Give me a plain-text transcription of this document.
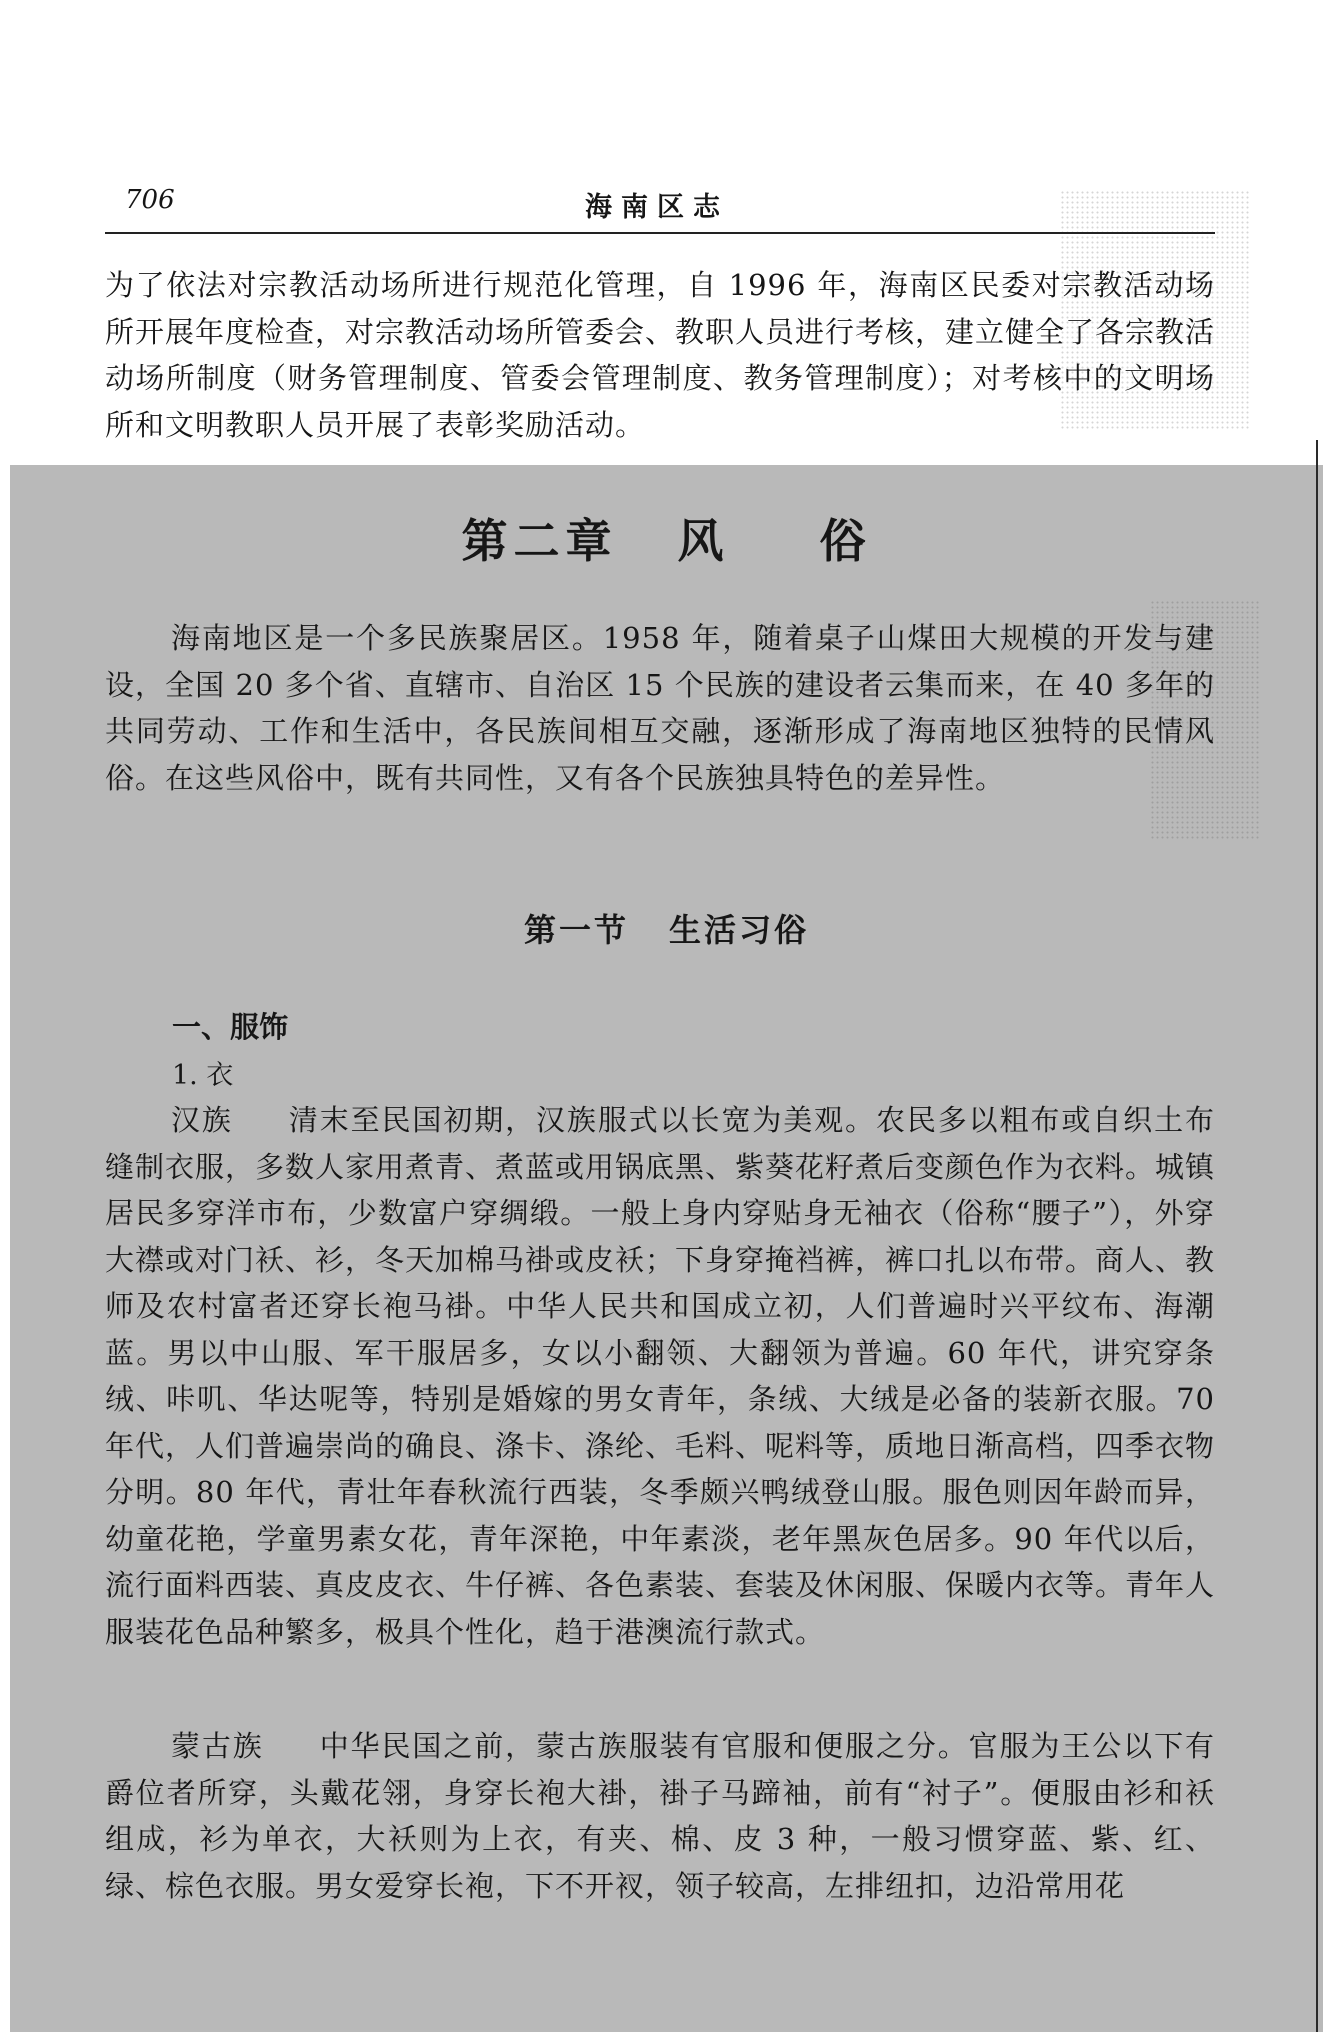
706	海南区志

为了依法对宗教活动场所进行规范化管理，自 1996 年，海南区民委对宗教活动场所开展年度检查，对宗教活动场所管委会、教职人员进行考核，建立健全了各宗教活动场所制度（财务管理制度、管委会管理制度、教务管理制度）；对考核中的文明场所和文明教职人员开展了表彰奖励活动。

第二章 风 俗

海南地区是一个多民族聚居区。1958 年，随着桌子山煤田大规模的开发与建设，全国 20 多个省、直辖市、自治区 15 个民族的建设者云集而来，在 40 多年的共同劳动、工作和生活中，各民族间相互交融，逐渐形成了海南地区独特的民情风俗。在这些风俗中，既有共同性，又有各个民族独具特色的差异性。

第一节 生活习俗
一、服饰
1. 衣

汉族 清末至民国初期，汉族服式以长宽为美观。农民多以粗布或自织土布缝制衣服，多数人家用煮青、煮蓝或用锅底黑、紫葵花籽煮后变颜色作为衣料。城镇居民多穿洋市布，少数富户穿绸缎。一般上身内穿贴身无袖衣（俗称“腰子”），外穿大襟或对门袄、衫，冬天加棉马褂或皮袄；下身穿掩裆裤，裤口扎以布带。商人、教师及农村富者还穿长袍马褂。中华人民共和国成立初，人们普遍时兴平纹布、海潮蓝。男以中山服、军干服居多，女以小翻领、大翻领为普遍。60 年代，讲究穿条绒、咔叽、华达呢等，特别是婚嫁的男女青年，条绒、大绒是必备的装新衣服。70 年代，人们普遍崇尚的确良、涤卡、涤纶、毛料、呢料等，质地日渐高档，四季衣物分明。80 年代，青壮年春秋流行西装，冬季颇兴鸭绒登山服。服色则因年龄而异，幼童花艳，学童男素女花，青年深艳，中年素淡，老年黑灰色居多。90 年代以后，流行面料西装、真皮皮衣、牛仔裤、各色素装、套装及休闲服、保暖内衣等。青年人服装花色品种繁多，极具个性化，趋于港澳流行款式。

蒙古族 中华民国之前，蒙古族服装有官服和便服之分。官服为王公以下有爵位者所穿，头戴花翎，身穿长袍大褂，褂子马蹄袖，前有“衬子”。便服由衫和袄组成，衫为单衣，大袄则为上衣，有夹、棉、皮 3 种，一般习惯穿蓝、紫、红、绿、棕色衣服。男女爱穿长袍，下不开衩，领子较高，左排纽扣，边沿常用花
